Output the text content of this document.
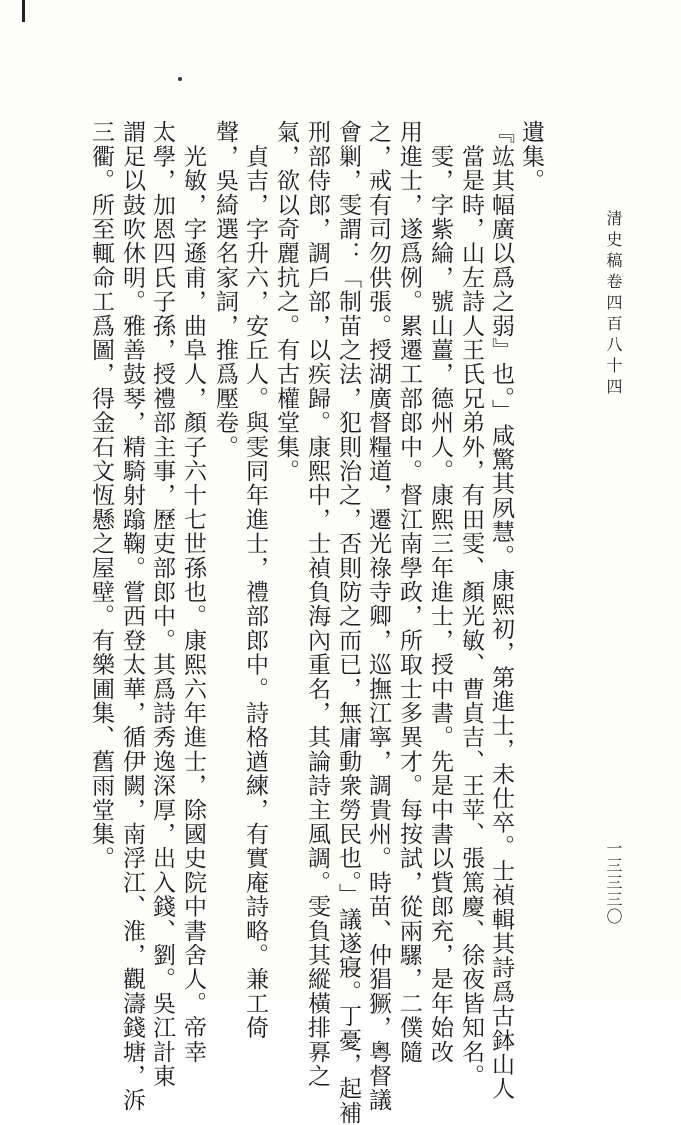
清史稿卷四百八十四
一三三三〇
遺集。
『竑其幅廣以爲之弱』也。」咸驚其夙慧。康熙初，第進士，未仕卒。士禎輯其詩爲古鉢山人
　當是時，山左詩人王氏兄弟外，有田雯、顏光敏、曹貞吉、王苹、張篤慶、徐夜皆知名。
　雯，字紫綸，號山薑，德州人。康熙三年進士，授中書。先是中書以貲郎充，是年始改
用進士，遂爲例。累遷工部郎中。督江南學政，所取士多異才。每按試，從兩騾，二僕隨
之，戒有司勿供張。授湖廣督糧道，遷光祿寺卿，巡撫江寧，調貴州。時苗、仲猖獗，粵督議
會剿，雯謂：「制苗之法，犯則治之，否則防之而已，無庸動衆勞民也。」議遂寢。丁憂，起補
刑部侍郎，調戶部，以疾歸。康熙中，士禎負海內重名，其論詩主風調。雯負其縱橫排奡之
氣，欲以奇麗抗之。有古權堂集。
　貞吉，字升六，安丘人。與雯同年進士，禮部郎中。詩格遒練，有實庵詩略。兼工倚
聲，吳綺選名家詞，推爲壓卷。
　光敏，字遜甫，曲阜人，顏子六十七世孫也。康熙六年進士，除國史院中書舍人。帝幸
太學，加恩四氏子孫，授禮部主事，歷吏部郎中。其爲詩秀逸深厚，出入錢、劉。吳江計東
謂足以鼓吹休明。雅善鼓琴，精騎射蹹鞠。嘗西登太華，循伊闕，南浮江、淮，觀濤錢塘，泝
三衢。所至輒命工爲圖，得金石文恆懸之屋壁。有樂圃集、舊雨堂集。
